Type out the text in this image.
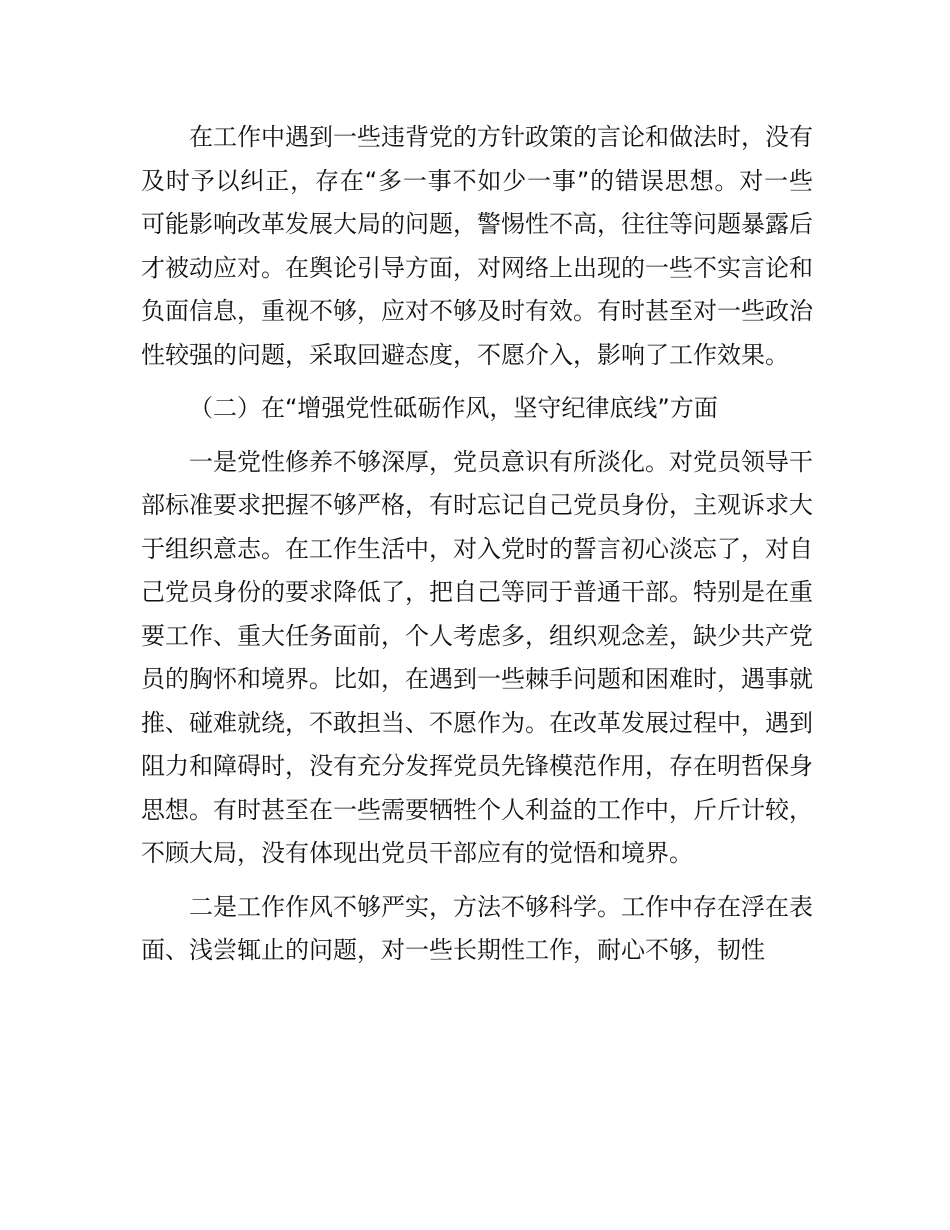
在工作中遇到一些违背党的方针政策的言论和做法时，没有及时予以纠正，存在“多一事不如少一事”的错误思想。对一些可能影响改革发展大局的问题，警惕性不高，往往等问题暴露后才被动应对。在舆论引导方面，对网络上出现的一些不实言论和负面信息，重视不够，应对不够及时有效。有时甚至对一些政治性较强的问题，采取回避态度，不愿介入，影响了工作效果。

（二）在“增强党性砥砺作风，坚守纪律底线”方面

一是党性修养不够深厚，党员意识有所淡化。对党员领导干部标准要求把握不够严格，有时忘记自己党员身份，主观诉求大于组织意志。在工作生活中，对入党时的誓言初心淡忘了，对自己党员身份的要求降低了，把自己等同于普通干部。特别是在重要工作、重大任务面前，个人考虑多，组织观念差，缺少共产党员的胸怀和境界。比如，在遇到一些棘手问题和困难时，遇事就推、碰难就绕，不敢担当、不愿作为。在改革发展过程中，遇到阻力和障碍时，没有充分发挥党员先锋模范作用，存在明哲保身思想。有时甚至在一些需要牺牲个人利益的工作中，斤斤计较，不顾大局，没有体现出党员干部应有的觉悟和境界。

二是工作作风不够严实，方法不够科学。工作中存在浮在表面、浅尝辄止的问题，对一些长期性工作，耐心不够，韧性
